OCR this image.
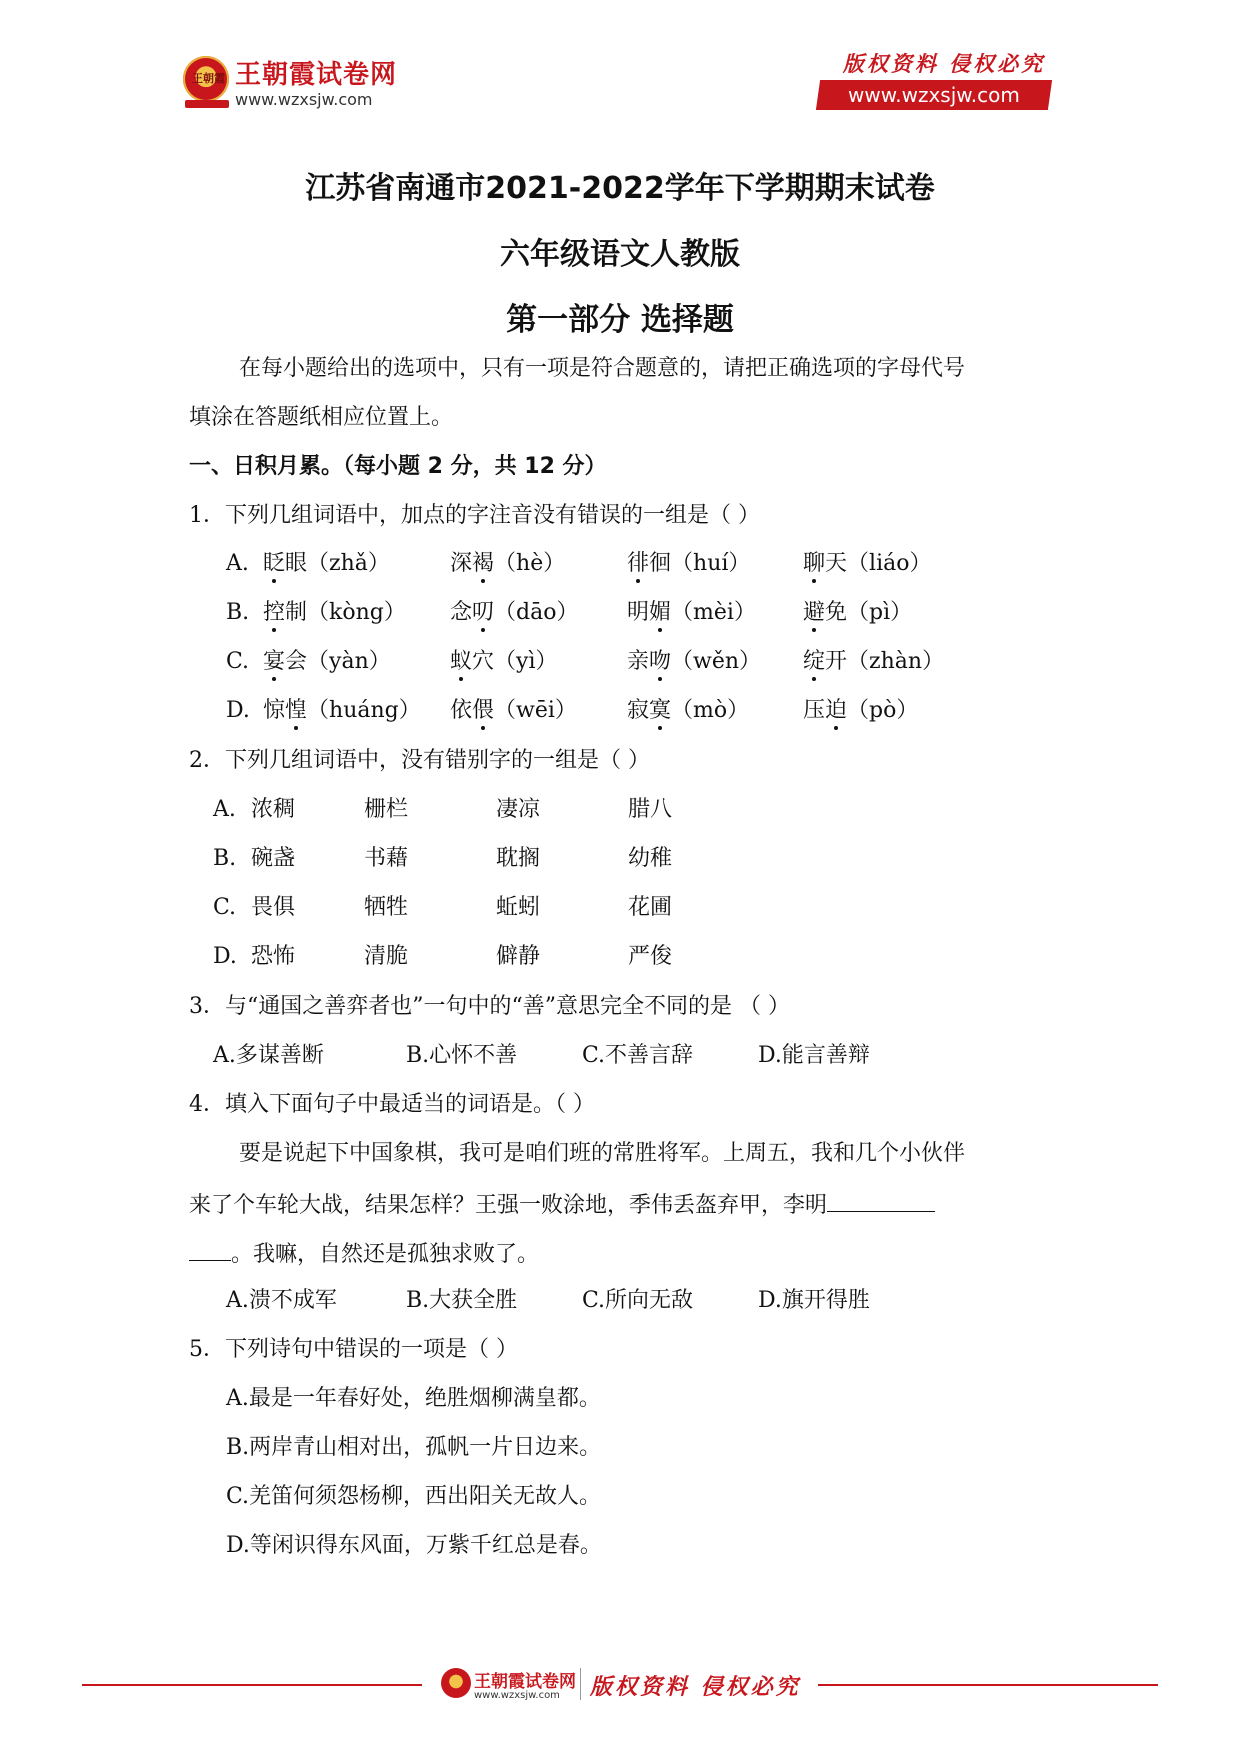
王朝霞 王朝霞试卷网
www.wzxsjw.com
版权资料 侵权必究
www.wzxsjw.com
江苏省南通市2021-2022学年下学期期末试卷
六年级语文人教版
第一部分 选择题
在每小题给出的选项中，只有一项是符合题意的，请把正确选项的字母代号
填涂在答题纸相应位置上。
一、日积月累。（每小题 2 分，共 12 分）
1．下列几组词语中，加点的字注音没有错误的一组是（ ）
A. 眨眼（zhǎ）	深褐（hè）	徘徊（huí） 聊天（liáo）
B. 控制（kòng） 念叨（dāo） 明媚（mèi） 避免（pì）
C. 宴会（yàn）	蚁穴（yì）	亲吻（wěn） 绽开（zhàn）
D. 惊惶（huáng） 依偎（wēi） 寂寞（mò） 压迫（pò）
2．下列几组词语中，没有错别字的一组是（ ）
A. 浓稠	栅栏	凄凉	腊八
B. 碗盏	书藉	耽搁	幼稚
C. 畏俱	牺牲	蚯蚓	花圃
D. 恐怖	清脆	僻静	严俊
3．与“通国之善弈者也”一句中的“善”意思完全不同的是 （ ）
A.多谋善断	B.心怀不善	C.不善言辞	D.能言善辩
4．填入下面句子中最适当的词语是。（ ）
要是说起下中国象棋，我可是咱们班的常胜将军。上周五，我和几个小伙伴
来了个车轮大战，结果怎样？王强一败涂地，季伟丢盔弃甲，李明
。我嘛，自然还是孤独求败了。
A.溃不成军	B.大获全胜	C.所向无敌	D.旗开得胜
5．下列诗句中错误的一项是（ ）
A.最是一年春好处，绝胜烟柳满皇都。
B.两岸青山相对出，孤帆一片日边来。
C.羌笛何须怨杨柳，西出阳关无故人。
D.等闲识得东风面，万紫千红总是春。
王朝霞试卷网
www.wzxsjw.com 版权资料 侵权必究
